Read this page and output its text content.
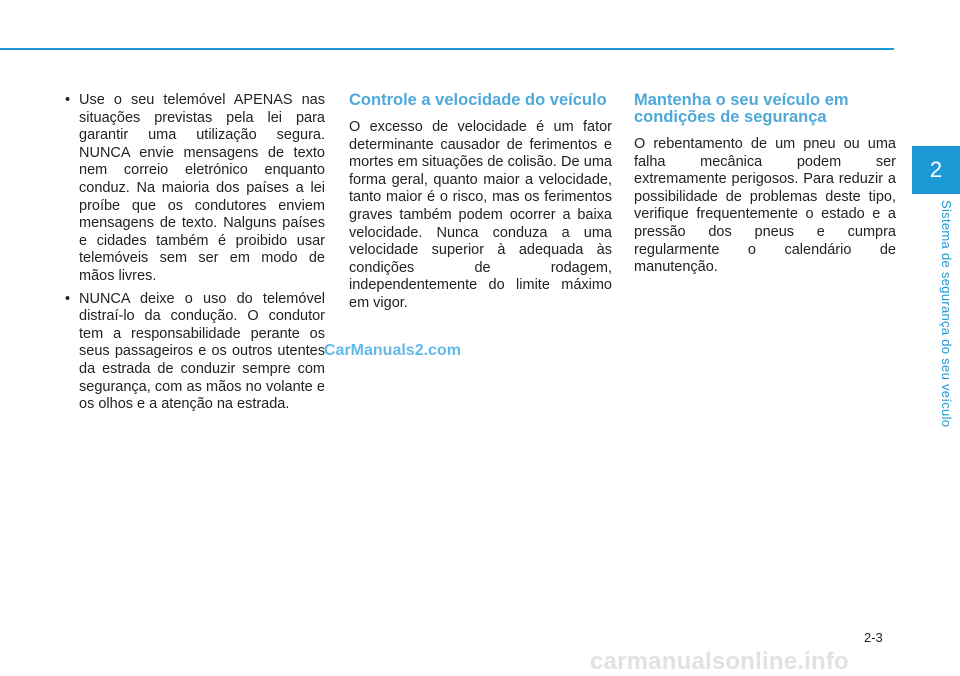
2
Sistema de segurança do seu veículo
• Use o seu telemóvel APENAS nas situações previstas pela lei para garantir uma utilização segura. NUNCA envie mensagens de texto nem correio eletrónico enquanto conduz. Na maioria dos países a lei proíbe que os condutores enviem mensagens de texto. Nalguns países e cidades também é proibido usar telemóveis sem ser em modo de mãos livres.
• NUNCA deixe o uso do telemóvel distraí-lo da condução. O condutor tem a responsabilidade perante os seus passageiros e os outros utentes da estrada de conduzir sempre com segurança, com as mãos no volante e os olhos e a atenção na estrada.
Controle a velocidade do veículo

O excesso de velocidade é um fator determinante causador de ferimentos e mortes em situações de colisão. De uma forma geral, quanto maior a velocidade, tanto maior é o risco, mas os ferimentos graves também podem ocorrer a baixa velocidade. Nunca conduza a uma velocidade superior à adequada às condições de rodagem, independentemente do limite máximo em vigor.

Mantenha o seu veículo em condições de segurança

O rebentamento de um pneu ou uma falha mecânica podem ser extremamente perigosos. Para reduzir a possibilidade de problemas deste tipo, verifique frequentemente o estado e a pressão dos pneus e cumpra regularmente o calendário de manutenção.

CarManuals2.com
2-3
carmanualsonline.info
